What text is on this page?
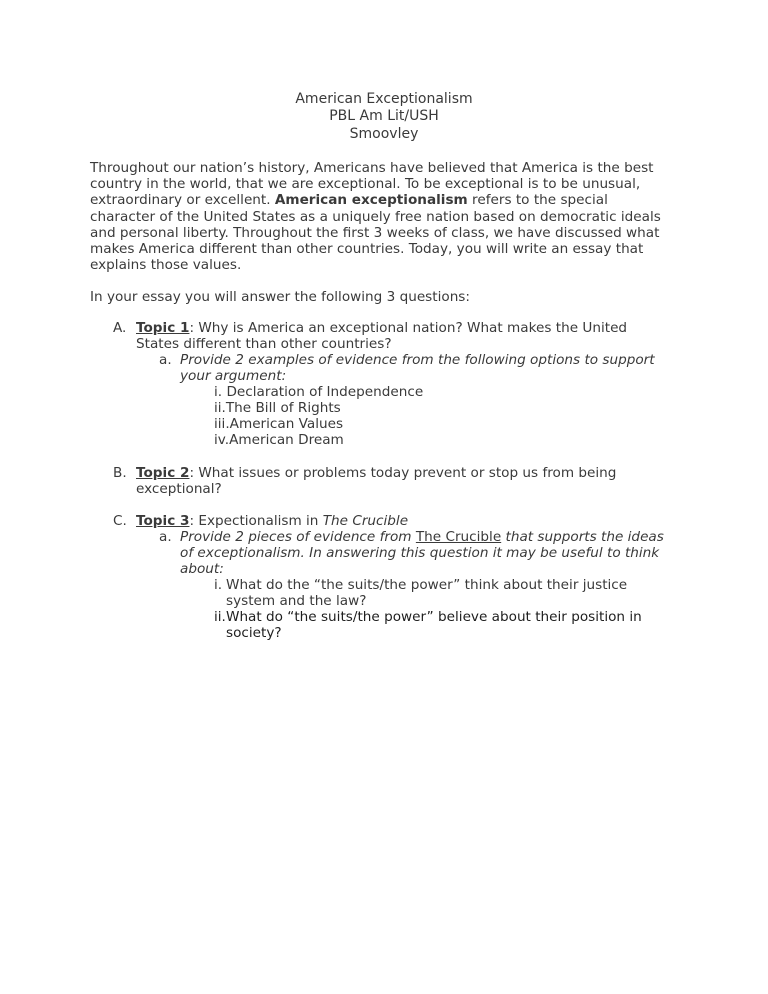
American Exceptionalism
PBL Am Lit/USH
Smoovley
Throughout our nation’s history, Americans have believed that America is the best
country in the world, that we are exceptional. To be exceptional is to be unusual,
extraordinary or excellent. American exceptionalism refers to the special
character of the United States as a uniquely free nation based on democratic ideals
and personal liberty. Throughout the first 3 weeks of class, we have discussed what
makes America different than other countries. Today, you will write an essay that
explains those values.
In your essay you will answer the following 3 questions:
A. Topic 1: Why is America an exceptional nation? What makes the United
States different than other countries?
a. Provide 2 examples of evidence from the following options to support
your argument:
i. Declaration of Independence
ii.The Bill of Rights
iii.American Values
iv.American Dream
B. Topic 2: What issues or problems today prevent or stop us from being
exceptional?
C. Topic 3: Expectionalism in The Crucible
a. Provide 2 pieces of evidence from The Crucible that supports the ideas
of exceptionalism. In answering this question it may be useful to think
about:
i. What do the “the suits/the power” think about their justice
system and the law?
ii. What do “the suits/the power” believe about their position in
society?
